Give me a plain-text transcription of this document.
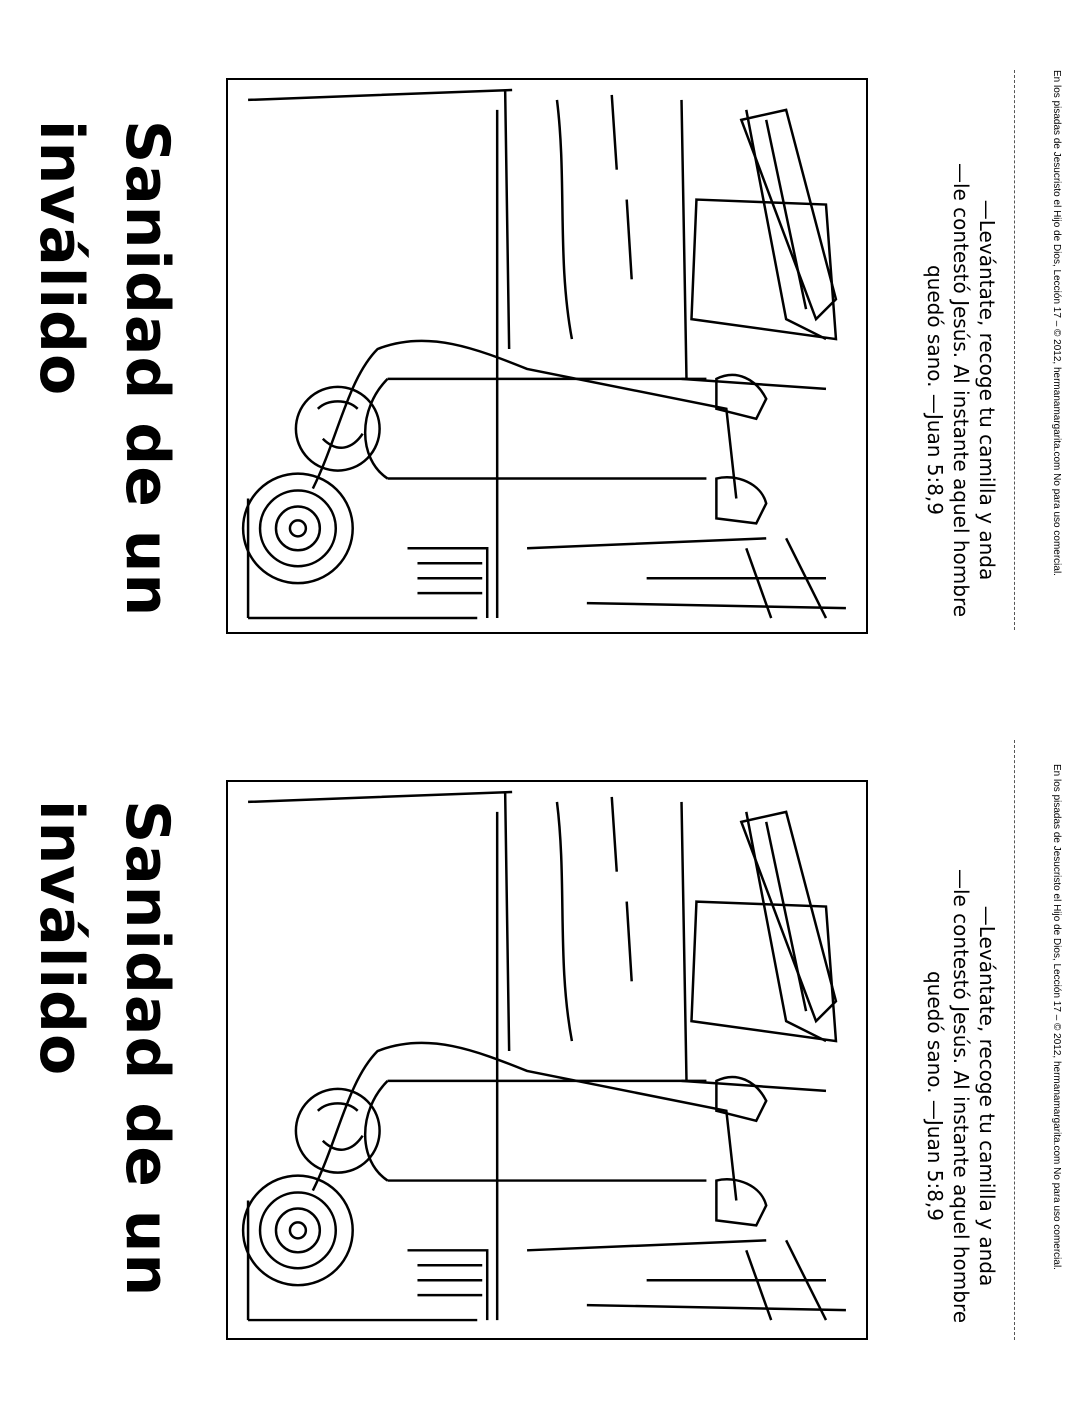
Sanidad de un
inválido	—Levántate, recoge tu camilla y anda
—le contestó Jesús. Al instante aquel hombre
quedó sano. —Juan 5:8,9	En los pisadas de Jesucristo el Hijo de Dios, Lección 17 – © 2012, hermanamargarita.com No para uso comercial.
Sanidad de un
inválido	—Levántate, recoge tu camilla y anda
—le contestó Jesús. Al instante aquel hombre
quedó sano. —Juan 5:8,9	En los pisadas de Jesucristo el Hijo de Dios, Lección 17 – © 2012, hermanamargarita.com No para uso comercial.
